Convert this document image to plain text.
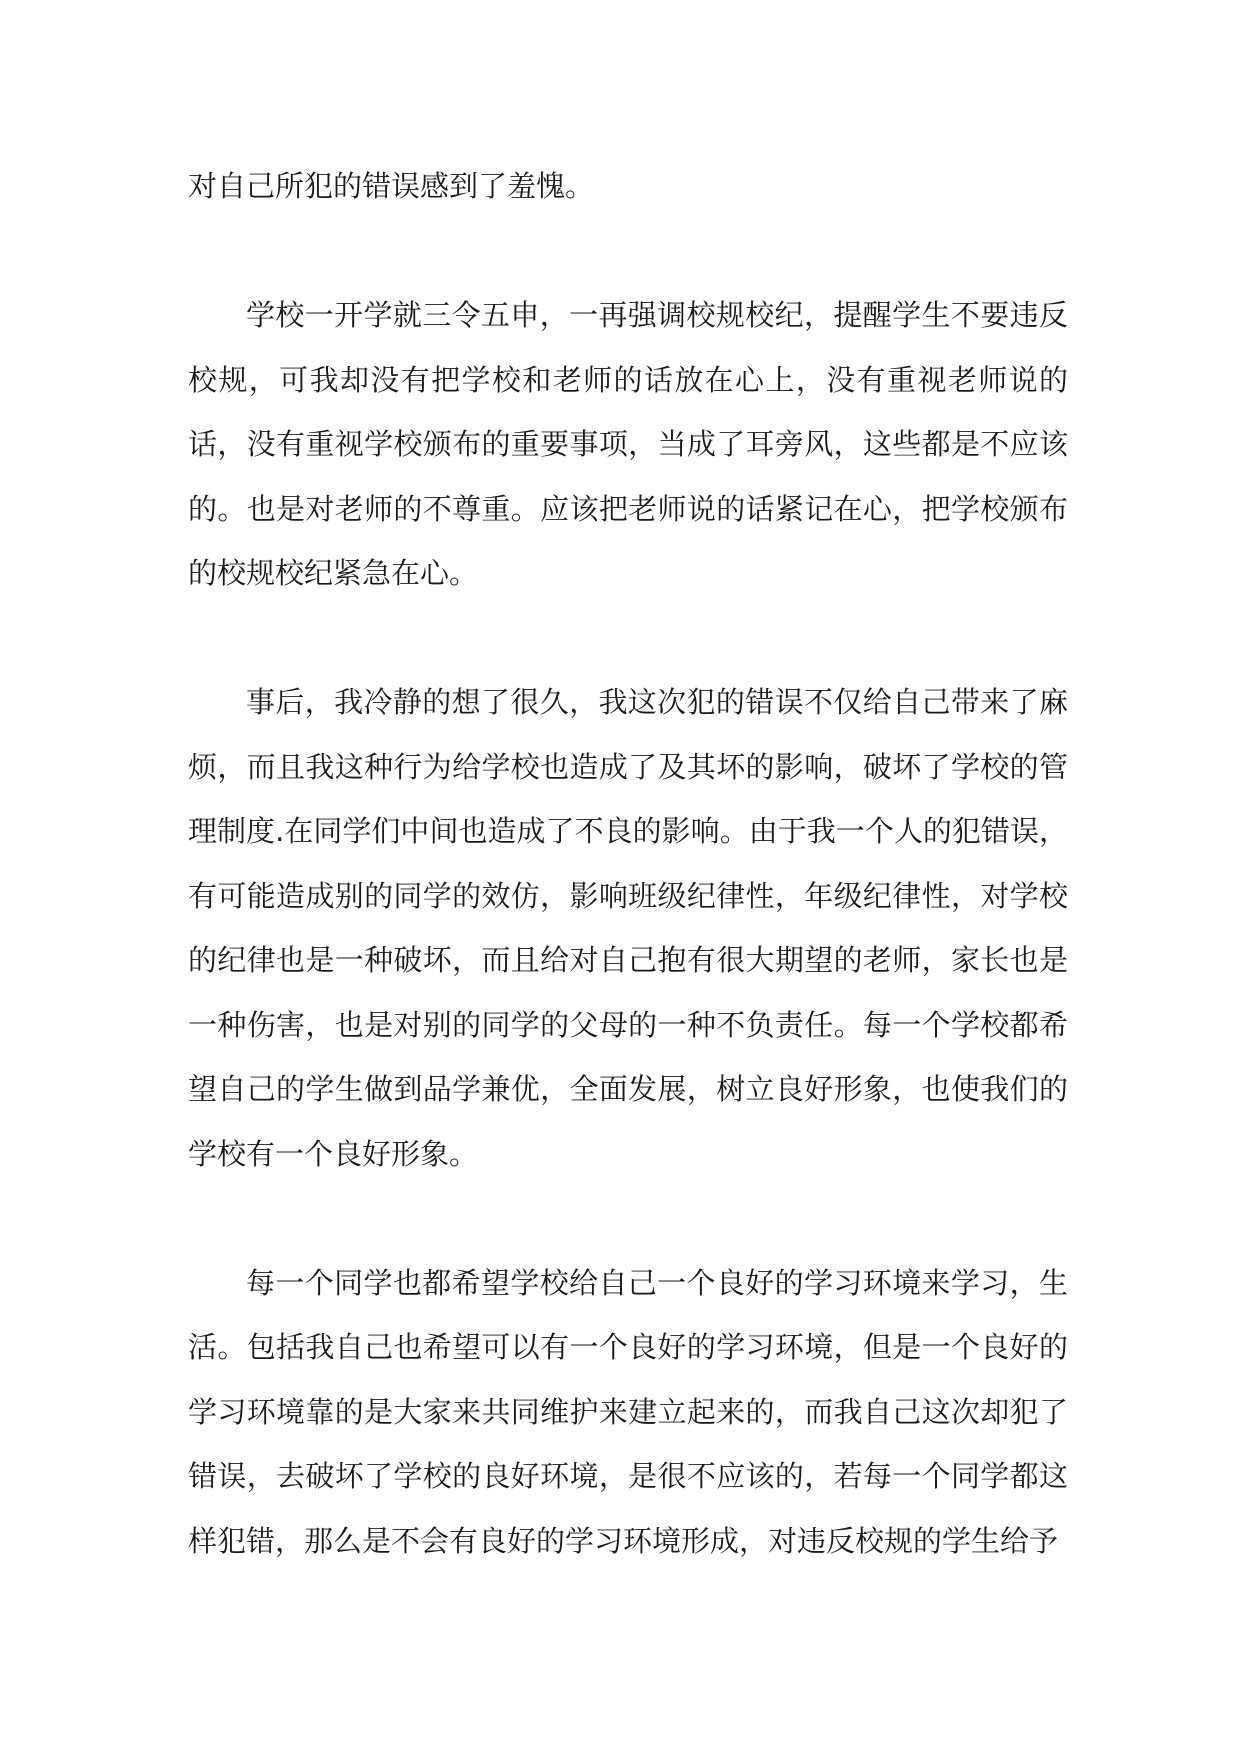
对自己所犯的错误感到了羞愧。

学校一开学就三令五申，一再强调校规校纪，提醒学生不要违反校规，可我却没有把学校和老师的话放在心上，没有重视老师说的话，没有重视学校颁布的重要事项，当成了耳旁风，这些都是不应该的。也是对老师的不尊重。应该把老师说的话紧记在心，把学校颁布的校规校纪紧急在心。

事后，我冷静的想了很久，我这次犯的错误不仅给自己带来了麻烦，而且我这种行为给学校也造成了及其坏的影响，破坏了学校的管理制度.在同学们中间也造成了不良的影响。由于我一个人的犯错误，有可能造成别的同学的效仿，影响班级纪律性，年级纪律性，对学校的纪律也是一种破坏，而且给对自己抱有很大期望的老师，家长也是一种伤害，也是对别的同学的父母的一种不负责任。每一个学校都希望自己的学生做到品学兼优，全面发展，树立良好形象，也使我们的学校有一个良好形象。

每一个同学也都希望学校给自己一个良好的学习环境来学习，生活。包括我自己也希望可以有一个良好的学习环境，但是一个良好的学习环境靠的是大家来共同维护来建立起来的，而我自己这次却犯了错误，去破坏了学校的良好环境，是很不应该的，若每一个同学都这样犯错，那么是不会有良好的学习环境形成，对违反校规的学生给予
